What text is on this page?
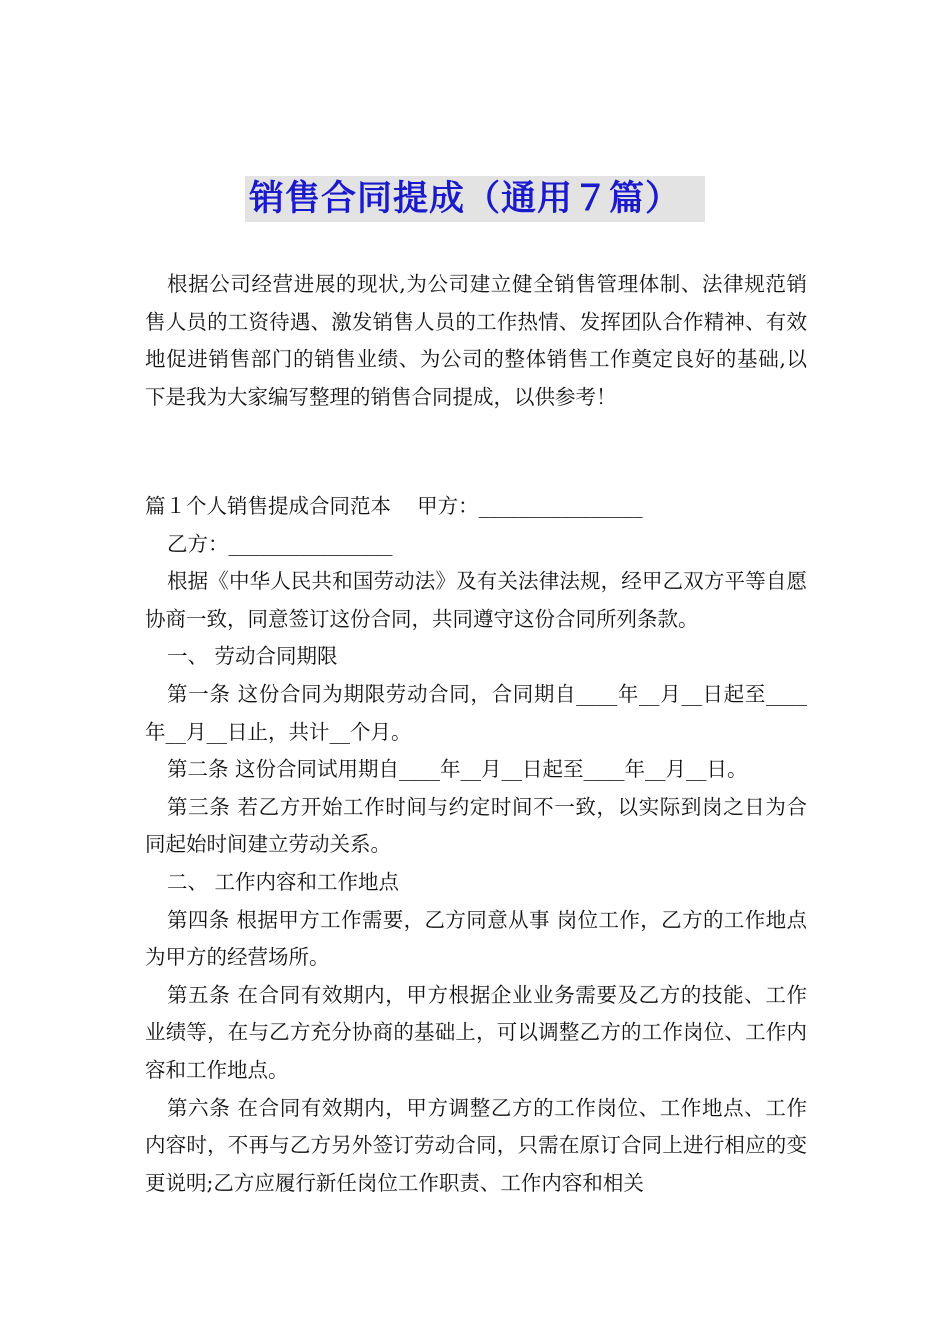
销售合同提成（通用７篇）

根据公司经营进展的现状,为公司建立健全销售管理体制、法律规范销售人员的工资待遇、激发销售人员的工作热情、发挥团队合作精神、有效地促进销售部门的销售业绩、为公司的整体销售工作奠定良好的基础,以下是我为大家编写整理的销售合同提成，以供参考！

篇１个人销售提成合同范本 甲方：________________

乙方：________________

根据《中华人民共和国劳动法》及有关法律法规，经甲乙双方平等自愿协商一致，同意签订这份合同，共同遵守这份合同所列条款。

一、 劳动合同期限

第一条 这份合同为期限劳动合同，合同期自____年__月__日起至____年__月__日止，共计__个月。

第二条 这份合同试用期自____年__月__日起至____年__月__日。

第三条 若乙方开始工作时间与约定时间不一致，以实际到岗之日为合同起始时间建立劳动关系。

二、 工作内容和工作地点

第四条 根据甲方工作需要，乙方同意从事 岗位工作，乙方的工作地点为甲方的经营场所。

第五条 在合同有效期内，甲方根据企业业务需要及乙方的技能、工作业绩等，在与乙方充分协商的基础上，可以调整乙方的工作岗位、工作内容和工作地点。

第六条 在合同有效期内，甲方调整乙方的工作岗位、工作地点、工作内容时，不再与乙方另外签订劳动合同，只需在原订合同上进行相应的变更说明;乙方应履行新任岗位工作职责、工作内容和相关
